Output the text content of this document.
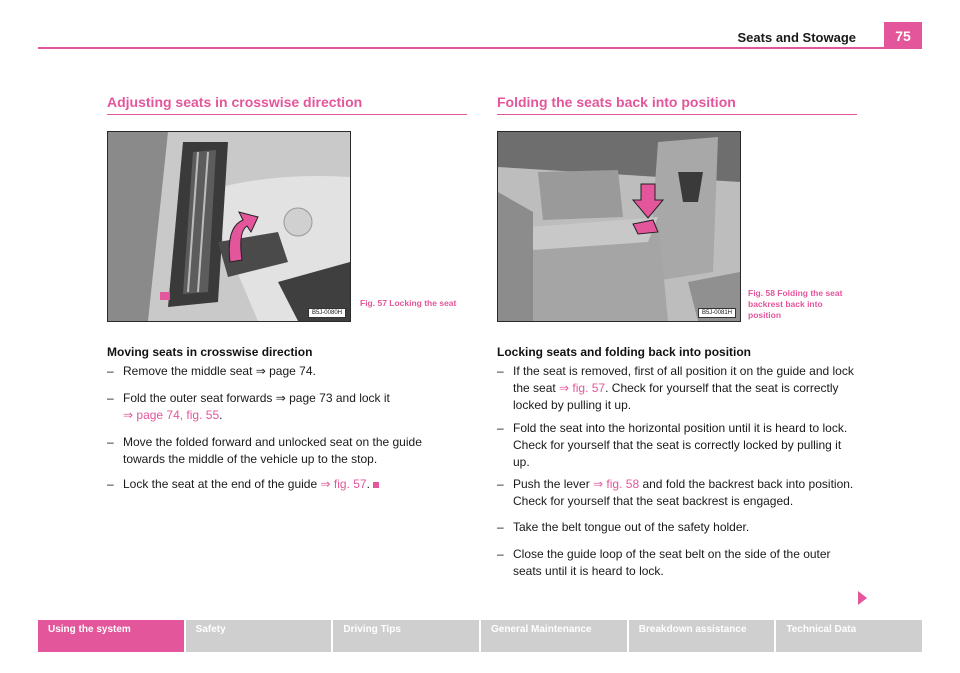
Seats and Stowage	75
Adjusting seats in crosswise direction
B5J-0080H
Fig. 57 Locking the seat
Moving seats in crosswise direction
– Remove the middle seat ⇒ page 74.
– Fold the outer seat forwards ⇒ page 73 and lock it
⇒ page 74, fig. 55.
– Move the folded forward and unlocked seat on the guide towards the middle of the vehicle up to the stop.
– Lock the seat at the end of the guide ⇒ fig. 57.
Folding the seats back into position
B5J-0081H
Fig. 58 Folding the seat backrest back into position
Locking seats and folding back into position
– If the seat is removed, first of all position it on the guide and lock the seat ⇒ fig. 57. Check for yourself that the seat is correctly locked by pulling it up.
– Fold the seat into the horizontal position until it is heard to lock. Check for yourself that the seat is correctly locked by pulling it up.
– Push the lever ⇒ fig. 58 and fold the backrest back into position. Check for yourself that the seat backrest is engaged.
– Take the belt tongue out of the safety holder.
– Close the guide loop of the seat belt on the side of the outer seats until it is heard to lock.
Using the system	Safety	Driving Tips	General Maintenance	Breakdown assistance	Technical Data
